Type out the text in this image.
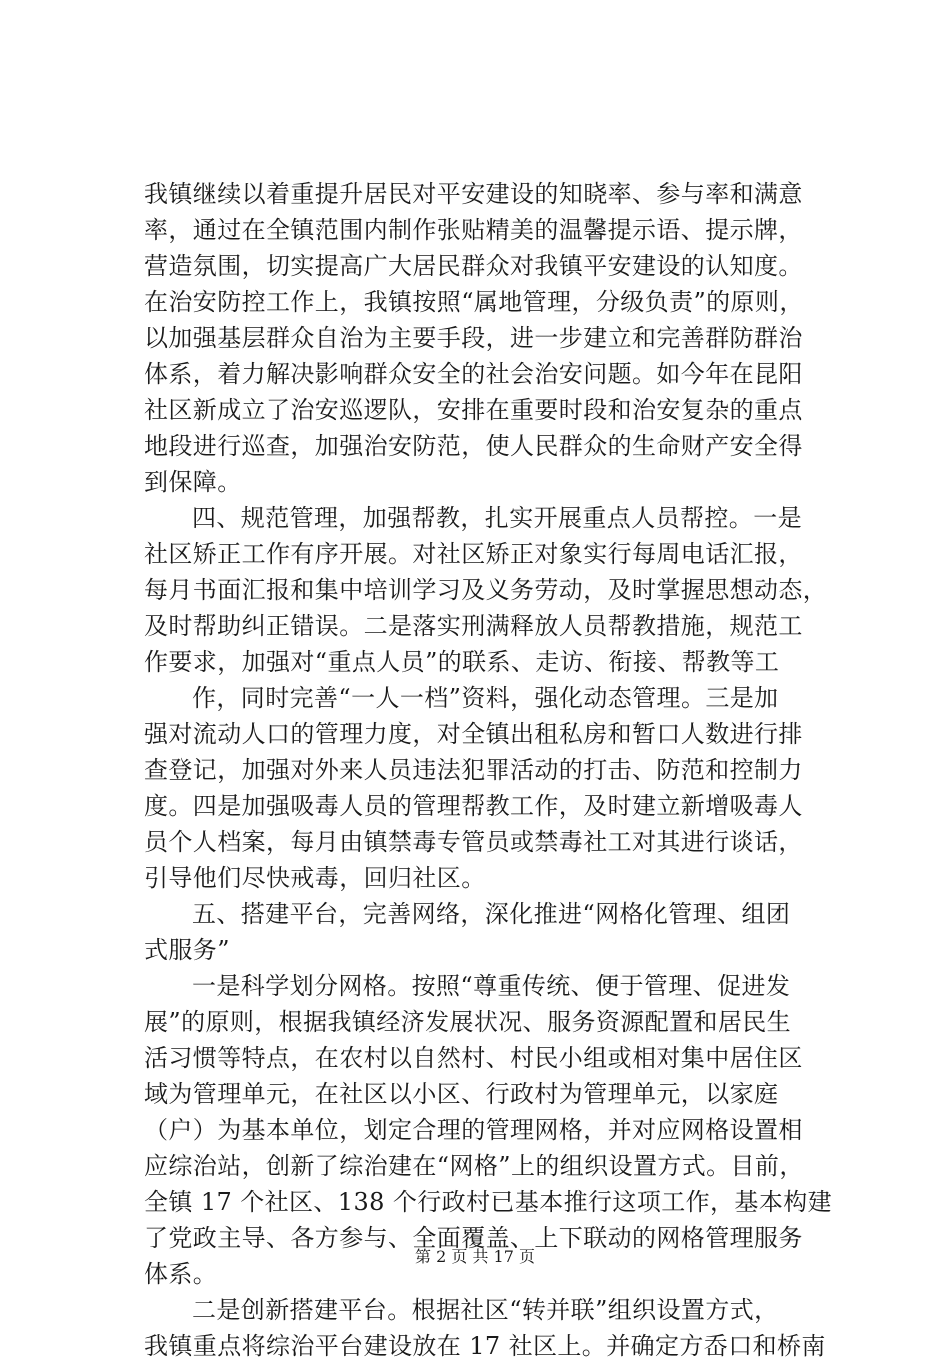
我镇继续以着重提升居民对平安建设的知晓率、参与率和满意
率，通过在全镇范围内制作张贴精美的温馨提示语、提示牌，
营造氛围，切实提高广大居民群众对我镇平安建设的认知度。
在治安防控工作上，我镇按照“属地管理，分级负责”的原则，
以加强基层群众自治为主要手段，进一步建立和完善群防群治
体系，着力解决影响群众安全的社会治安问题。如今年在昆阳
社区新成立了治安巡逻队，安排在重要时段和治安复杂的重点
地段进行巡查，加强治安防范，使人民群众的生命财产安全得
到保障。
四、规范管理，加强帮教，扎实开展重点人员帮控。一是
社区矫正工作有序开展。对社区矫正对象实行每周电话汇报，
每月书面汇报和集中培训学习及义务劳动，及时掌握思想动态，
及时帮助纠正错误。二是落实刑满释放人员帮教措施，规范工
作要求，加强对“重点人员”的联系、走访、衔接、帮教等工
作，同时完善“一人一档”资料，强化动态管理。三是加
强对流动人口的管理力度，对全镇出租私房和暂口人数进行排
查登记，加强对外来人员违法犯罪活动的打击、防范和控制力
度。四是加强吸毒人员的管理帮教工作，及时建立新增吸毒人
员个人档案，每月由镇禁毒专管员或禁毒社工对其进行谈话，
引导他们尽快戒毒，回归社区。
五、搭建平台，完善网络，深化推进“网格化管理、组团
式服务”
一是科学划分网格。按照“尊重传统、便于管理、促进发
展”的原则，根据我镇经济发展状况、服务资源配置和居民生
活习惯等特点，在农村以自然村、村民小组或相对集中居住区
域为管理单元，在社区以小区、行政村为管理单元，以家庭
（户）为基本单位，划定合理的管理网格，并对应网格设置相
应综治站，创新了综治建在“网格”上的组织设置方式。目前，
全镇 17 个社区、138 个行政村已基本推行这项工作，基本构建
了党政主导、各方参与、全面覆盖、上下联动的网格管理服务
体系。
二是创新搭建平台。根据社区“转并联”组织设置方式，
我镇重点将综治平台建设放在 17 社区上。并确定方岙口和桥南
第 2 页 共 17 页
